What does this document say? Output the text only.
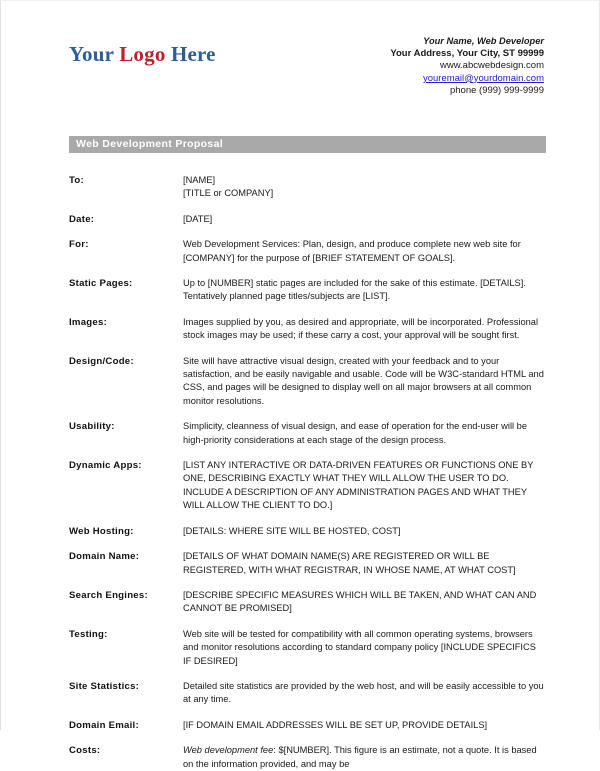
Your Logo Here
Your Name, Web Developer
Your Address, Your City, ST 99999
www.abcwebdesign.com
youremail@yourdomain.com
phone (999) 999-9999
Web Development Proposal
To:	[NAME]

[TITLE or COMPANY]

Date:	[DATE]

For:	Web Development Services: Plan, design, and produce complete new web site for [COMPANY] for the purpose of [BRIEF STATEMENT OF GOALS].

Static Pages:	Up to [NUMBER] static pages are included for the sake of this estimate. [DETAILS]. Tentatively planned page titles/subjects are [LIST].

Images:	Images supplied by you, as desired and appropriate, will be incorporated. Professional stock images may be used; if these carry a cost, your approval will be sought first.

Design/Code:	Site will have attractive visual design, created with your feedback and to your satisfaction, and be easily navigable and usable. Code will be W3C-standard HTML and CSS, and pages will be designed to display well on all major browsers at all common monitor resolutions.

Usability:	Simplicity, cleanness of visual design, and ease of operation for the end-user will be high-priority considerations at each stage of the design process.

Dynamic Apps:	[LIST ANY INTERACTIVE OR DATA-DRIVEN FEATURES OR FUNCTIONS ONE BY ONE, DESCRIBING EXACTLY WHAT THEY WILL ALLOW THE USER TO DO. INCLUDE A DESCRIPTION OF ANY ADMINISTRATION PAGES AND WHAT THEY WILL ALLOW THE CLIENT TO DO.]

Web Hosting:	[DETAILS: WHERE SITE WILL BE HOSTED, COST]

Domain Name:	[DETAILS OF WHAT DOMAIN NAME(S) ARE REGISTERED OR WILL BE REGISTERED, WITH WHAT REGISTRAR, IN WHOSE NAME, AT WHAT COST]

Search Engines:	[DESCRIBE SPECIFIC MEASURES WHICH WILL BE TAKEN, AND WHAT CAN AND CANNOT BE PROMISED]

Testing:	Web site will be tested for compatibility with all common operating systems, browsers and monitor resolutions according to standard company policy [INCLUDE SPECIFICS IF DESIRED]

Site Statistics:	Detailed site statistics are provided by the web host, and will be easily accessible to you at any time.

Domain Email:	[IF DOMAIN EMAIL ADDRESSES WILL BE SET UP, PROVIDE DETAILS]

Costs:	Web development fee: $[NUMBER]. This figure is an estimate, not a quote. It is based on the information provided, and may be
